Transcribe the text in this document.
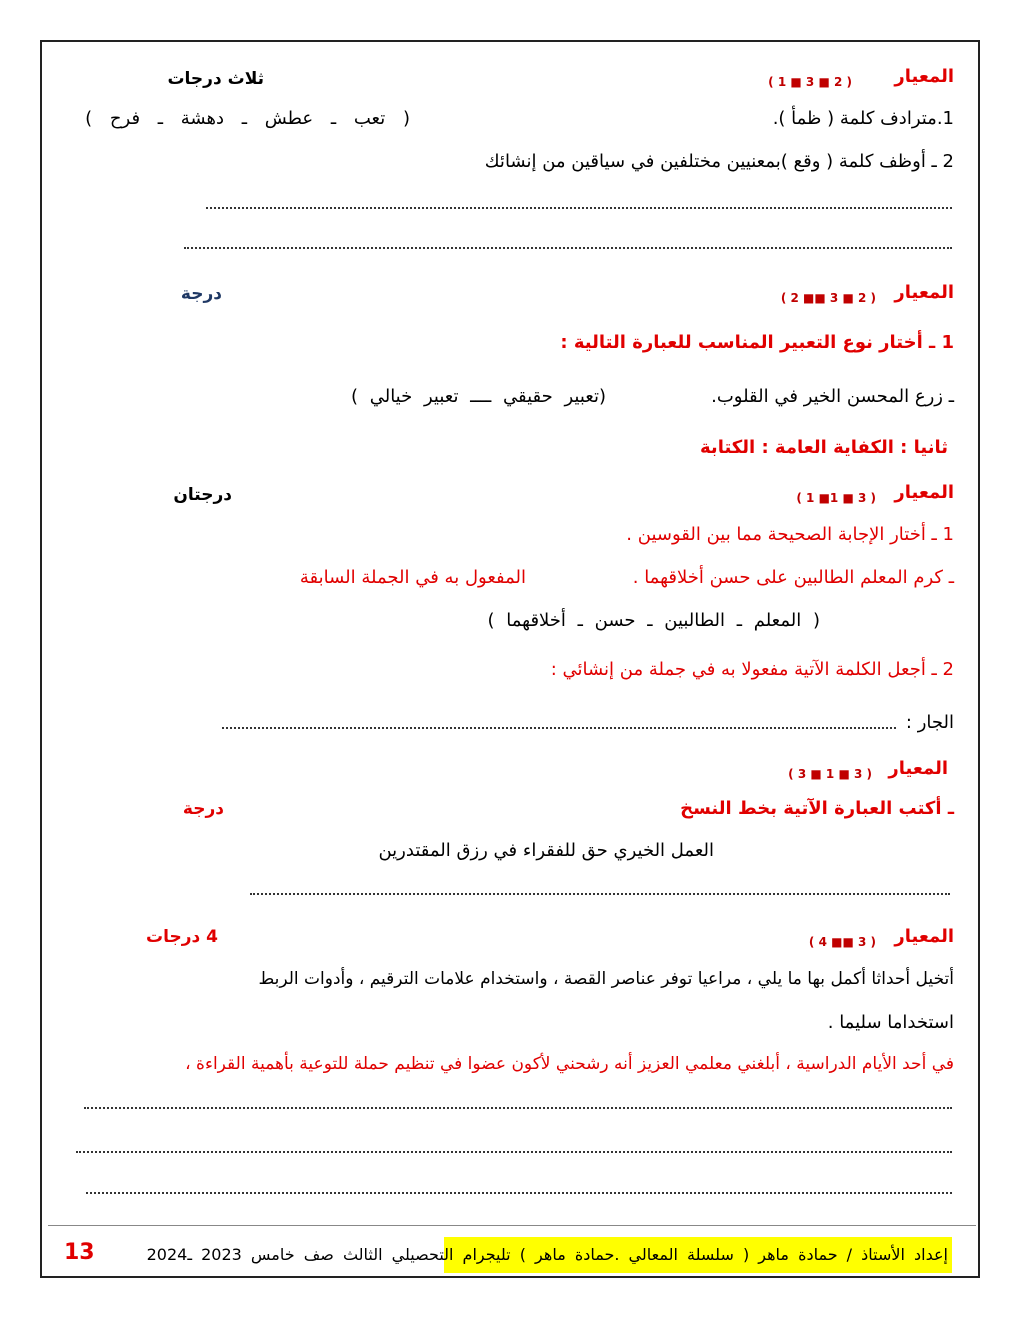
المعيار
( 2 ■ 3 ■ 1 )
ثلاث درجات
1.مترادف كلمة ( ظمأ ).
( تعب ـ عطش ـ دهشة ـ فرح )
2 ـ أوظف كلمة ( وقع )بمعنيين مختلفين في سياقين من إنشائك
المعيار
( 2 ■ 3 ■■ 2 )
درجة
1 ـ أختار نوع التعبير المناسب للعبارة التالية :
ـ زرع المحسن الخير في القلوب.
(تعبير حقيقي ــــ تعبير خيالي )
ثانيا : الكفاية العامة : الكتابة
المعيار
( 3 ■ 1■ 1 )
درجتان
1 ـ أختار الإجابة الصحيحة مما بين القوسين .
ـ كرم المعلم الطالبين على حسن أخلاقهما .
المفعول به في الجملة السابقة
( المعلم ـ الطالبين ـ حسن ـ أخلاقهما )
2 ـ أجعل الكلمة الآتية مفعولا به في جملة من إنشائي :
الجار :
المعيار
( 3 ■ 1 ■ 3 )
ـ أكتب العبارة الآتية بخط النسخ
درجة
العمل الخيري حق للفقراء في رزق المقتدرين
المعيار
( 3 ■■ 4 )
4 درجات
أتخيل أحداثا أكمل بها ما يلي ، مراعيا توفر عناصر القصة ، واستخدام علامات الترقيم ، وأدوات الربط
استخداما سليما .
في أحد الأيام الدراسية ، أبلغني معلمي العزيز أنه رشحني لأكون عضوا في تنظيم حملة للتوعية بأهمية القراءة ،
إعداد الأستاذ / حمادة ماهر ( سلسلة المعالي .حمادة ماهر ) تليجرام التحصيلي الثالث صف خامس 2023 ـ2024
13
